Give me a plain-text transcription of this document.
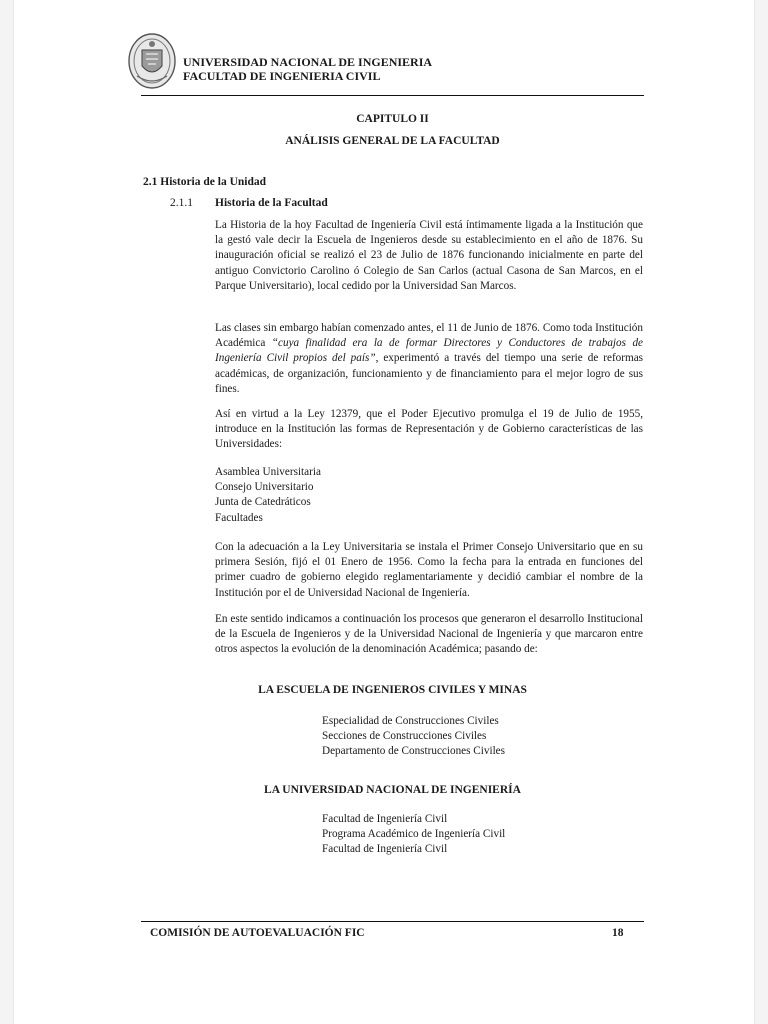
UNIVERSIDAD NACIONAL DE INGENIERIA
FACULTAD DE INGENIERIA CIVIL
CAPITULO II
ANÁLISIS GENERAL DE LA FACULTAD
2.1 Historia de la Unidad
2.1.1 Historia de la Facultad

La Historia de la hoy Facultad de Ingeniería Civil está íntimamente ligada a la Institución que la gestó vale decir la Escuela de Ingenieros desde su establecimiento en el año de 1876. Su inauguración oficial se realizó el 23 de Julio de 1876 funcionando inicialmente en parte del antiguo Convictorio Carolino ó Colegio de San Carlos (actual Casona de San Marcos, en el Parque Universitario), local cedido por la Universidad San Marcos.

Las clases sin embargo habían comenzado antes, el 11 de Junio de 1876. Como toda Institución Académica “cuya finalidad era la de formar Directores y Conductores de trabajos de Ingeniería Civil propios del país”, experimentó a través del tiempo una serie de reformas académicas, de organización, funcionamiento y de financiamiento para el mejor logro de sus fines.

Así en virtud a la Ley 12379, que el Poder Ejecutivo promulga el 19 de Julio de 1955, introduce en la Institución las formas de Representación y de Gobierno características de las Universidades:

Asamblea Universitaria
Consejo Universitario
Junta de Catedráticos
Facultades

Con la adecuación a la Ley Universitaria se instala el Primer Consejo Universitario que en su primera Sesión, fijó el 01 Enero de 1956. Como la fecha para la entrada en funciones del primer cuadro de gobierno elegido reglamentariamente y decidió cambiar el nombre de la Institución por el de Universidad Nacional de Ingeniería.

En este sentido indicamos a continuación los procesos que generaron el desarrollo Institucional de la Escuela de Ingenieros y de la Universidad Nacional de Ingeniería y que marcaron entre otros aspectos la evolución de la denominación Académica; pasando de:

LA ESCUELA DE INGENIEROS CIVILES Y MINAS
Especialidad de Construcciones Civiles
Secciones de Construcciones Civiles
Departamento de Construcciones Civiles
LA UNIVERSIDAD NACIONAL DE INGENIERÍA
Facultad de Ingeniería Civil
Programa Académico de Ingeniería Civil
Facultad de Ingeniería Civil
COMISIÓN DE AUTOEVALUACIÓN FIC	18
